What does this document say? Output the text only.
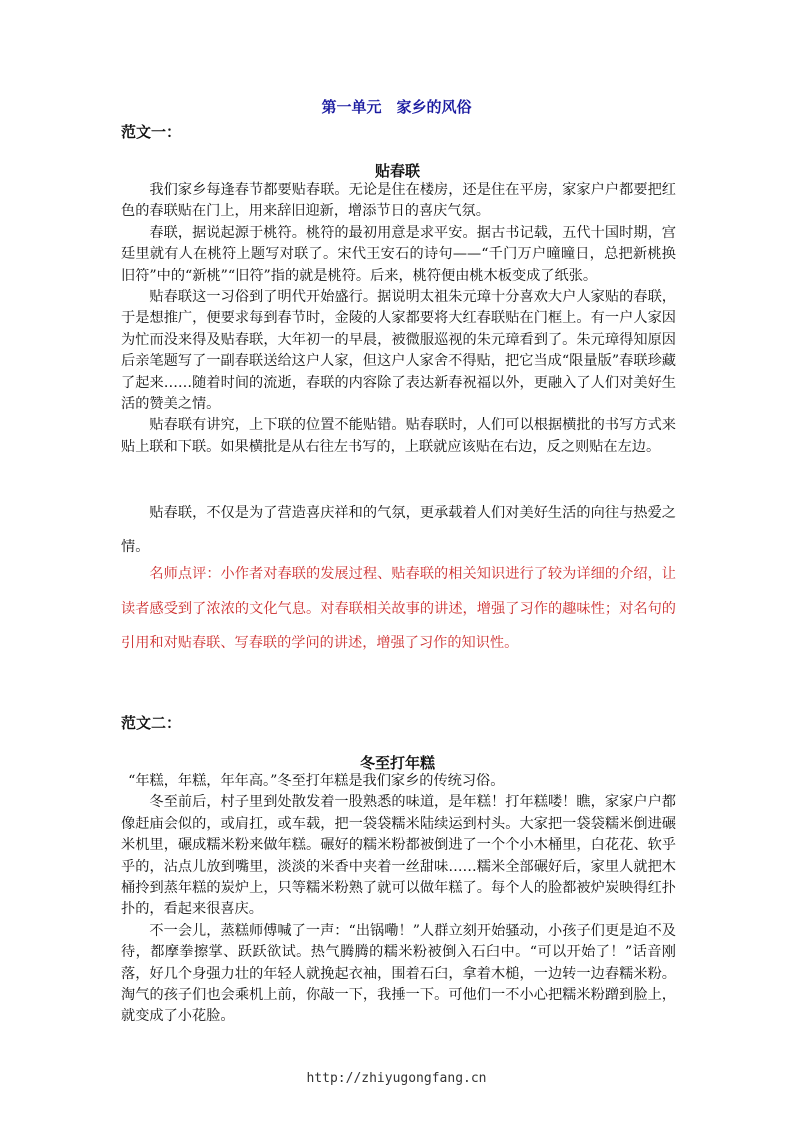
第一单元　家乡的风俗
范文一：
贴春联

我们家乡每逢春节都要贴春联。无论是住在楼房，还是住在平房，家家户户都要把红色的春联贴在门上，用来辞旧迎新，增添节日的喜庆气氛。

春联，据说起源于桃符。桃符的最初用意是求平安。据古书记载，五代十国时期，宫廷里就有人在桃符上题写对联了。宋代王安石的诗句——“千门万户曈曈日，总把新桃换旧符”中的“新桃”“旧符”指的就是桃符。后来，桃符便由桃木板变成了纸张。

贴春联这一习俗到了明代开始盛行。据说明太祖朱元璋十分喜欢大户人家贴的春联，于是想推广，便要求每到春节时，金陵的人家都要将大红春联贴在门框上。有一户人家因为忙而没来得及贴春联，大年初一的早晨，被微服巡视的朱元璋看到了。朱元璋得知原因后亲笔题写了一副春联送给这户人家，但这户人家舍不得贴，把它当成“限量版”春联珍藏了起来……随着时间的流逝，春联的内容除了表达新春祝福以外，更融入了人们对美好生活的赞美之情。

贴春联有讲究，上下联的位置不能贴错。贴春联时，人们可以根据横批的书写方式来贴上联和下联。如果横批是从右往左书写的，上联就应该贴在右边，反之则贴在左边。

贴春联，不仅是为了营造喜庆祥和的气氛，更承载着人们对美好生活的向往与热爱之情。

名师点评：小作者对春联的发展过程、贴春联的相关知识进行了较为详细的介绍，让读者感受到了浓浓的文化气息。对春联相关故事的讲述，增强了习作的趣味性；对名句的引用和对贴春联、写春联的学问的讲述，增强了习作的知识性。

范文二：
冬至打年糕

“年糕，年糕，年年高。”冬至打年糕是我们家乡的传统习俗。

冬至前后，村子里到处散发着一股熟悉的味道，是年糕！打年糕喽！瞧，家家户户都像赶庙会似的，或肩扛，或车载，把一袋袋糯米陆续运到村头。大家把一袋袋糯米倒进碾米机里，碾成糯米粉来做年糕。碾好的糯米粉都被倒进了一个个小木桶里，白花花、软乎乎的，沾点儿放到嘴里，淡淡的米香中夹着一丝甜味……糯米全部碾好后，家里人就把木桶拎到蒸年糕的炭炉上，只等糯米粉熟了就可以做年糕了。每个人的脸都被炉炭映得红扑扑的，看起来很喜庆。

不一会儿，蒸糕师傅喊了一声：“出锅嘞！”人群立刻开始骚动，小孩子们更是迫不及待，都摩拳擦掌、跃跃欲试。热气腾腾的糯米粉被倒入石臼中。“可以开始了！”话音刚落，好几个身强力壮的年轻人就挽起衣袖，围着石臼，拿着木槌，一边转一边舂糯米粉。淘气的孩子们也会乘机上前，你敲一下，我捶一下。可他们一不小心把糯米粉蹭到脸上，就变成了小花脸。

http://zhiyugongfang.cn
